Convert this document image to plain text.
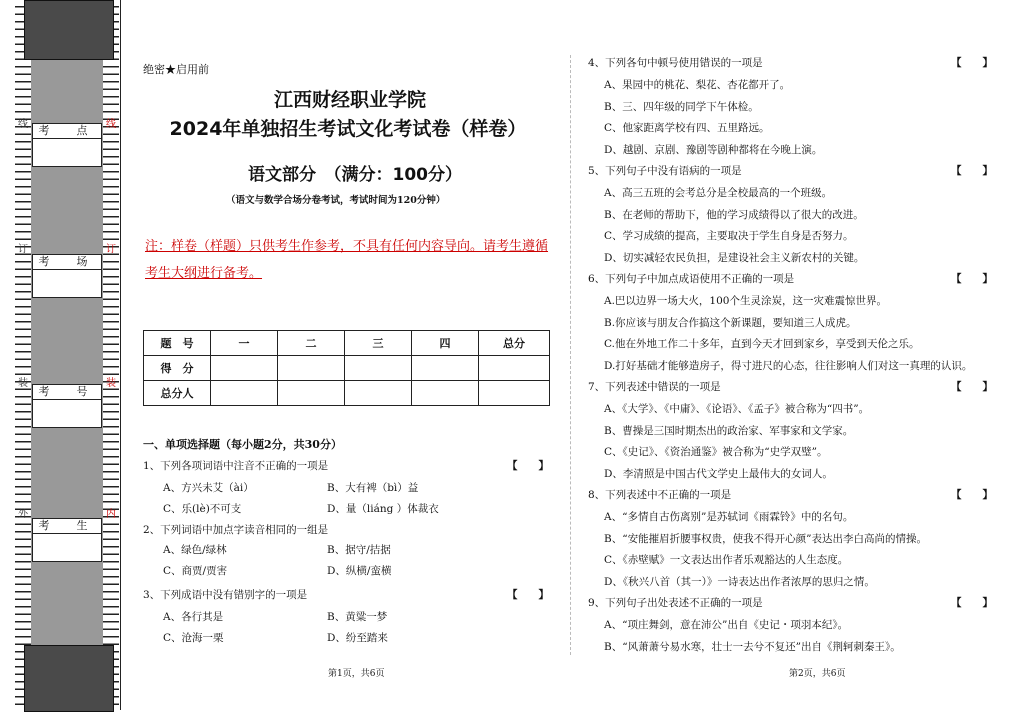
考　点
考　场
考　号
考　生
线
订
装
外
线
订
装
内
绝密★启用前
江西财经职业学院
2024年单独招生考试文化考试卷（样卷）
语文部分　（满分：100分）
（语文与数学合场分卷考试，考试时间为120分钟）
注：样卷（样题）只供考生作参考，不具有任何内容导向。请考生遵循考生大纲进行备考。
题　号	一	二	三	四	总分
得　分					
总分人					
一、单项选择题（每小题2分，共30分）
1、下列各项词语中注音不正确的一项是	【　　】
A、方兴未艾（ài）	B、大有裨（bì）益
C、乐(lè)不可支	D、量（liáng ）体裁衣
2、下列词语中加点字读音相同的一组是
A、绿色/绿林	B、据守/拮据
C、商贾/贾害	D、纵横/蛮横
3、下列成语中没有错别字的一项是	【　　】
A、各行其是	B、黄粱一梦
C、沧海一栗	D、纷至踏来
第1页，共6页
4、下列各句中顿号使用错误的一项是	【　　】
A、果园中的桃花、梨花、杏花都开了。
B、三、四年级的同学下午体检。
C、他家距离学校有四、五里路远。
D、越剧、京剧、豫剧等剧种都将在今晚上演。
5、下列句子中没有语病的一项是	【　　】
A、高三五班的会考总分是全校最高的一个班级。
B、在老师的帮助下，他的学习成绩得以了很大的改进。
C、学习成绩的提高，主要取决于学生自身是否努力。
D、切实减轻农民负担，是建设社会主义新农村的关键。
6、下列句子中加点成语使用不正确的一项是	【　　】
A.巴以边界一场大火，100个生灵涂炭，这一灾难震惊世界。
B.你应该与朋友合作搞这个新课题，要知道三人成虎。
C.他在外地工作二十多年，直到今天才回到家乡，享受到天伦之乐。
D.打好基础才能够造房子，得寸进尺的心态，往往影响人们对这一真理的认识。
7、下列表述中错误的一项是	【　　】
A、《大学》、《中庸》、《论语》、《孟子》被合称为“四书”。
B、曹操是三国时期杰出的政治家、军事家和文学家。
C、《史记》、《资治通鉴》被合称为“史学双璧”。
D、李清照是中国古代文学史上最伟大的女词人。
8、下列表述中不正确的一项是	【　　】
A、“多情自古伤离别”是苏轼词《雨霖铃》中的名句。
B、“安能摧眉折腰事权贵，使我不得开心颜”表达出李白高尚的情操。
C、《赤壁赋》一文表达出作者乐观豁达的人生态度。
D、《秋兴八首（其一）》一诗表达出作者浓厚的思归之情。
9、下列句子出处表述不正确的一项是	【　　】
A、“项庄舞剑，意在沛公”出自《史记・项羽本纪》。
B、“风萧萧兮易水寒，壮士一去兮不复还”出自《荆轲刺秦王》。
第2页，共6页
